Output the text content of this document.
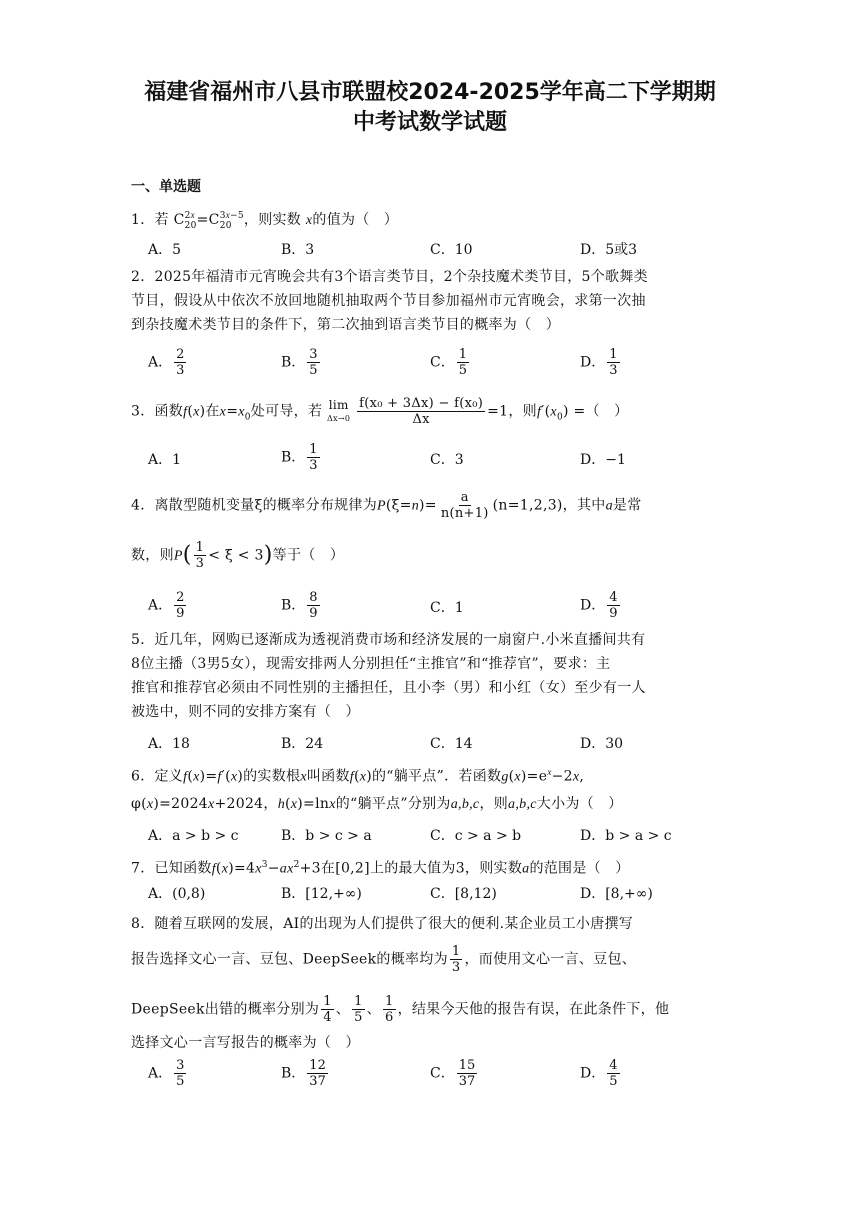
福建省福州市八县市联盟校2024-2025学年高二下学期期
中考试数学试题
一、单选题
1．若 C 2x
20 =C 3x−5
20 ，则实数 x的值为（　）
A．5	B．3	C．10	D．5或3
2．2025年福清市元宵晚会共有3个语言类节目，2个杂技魔术类节目，5个歌舞类
节目，假设从中依次不放回地随机抽取两个节目参加福州市元宵晚会，求第一次抽
到杂技魔术类节目的条件下，第二次抽到语言类节目的概率为（　）
A． $\frac{2}{3}$	B． $\frac{3}{5}$	C． $\frac{1}{5}$	D． $\frac{1}{3}$
3．函数f(x)在$x=x_0$处可导，若 lim
Δx→0
$\frac{\text{f(x₀ + 3Δx) − f(x₀)}}{\Delta x} =1$，则$f'(x_0)$ =（　）
A．1	B． $\frac{1}{3}$	C．3	D．−1
4．离散型随机变量ξ的概率分布规律为$P(\xi=n)= \frac{a}{n(n+1)} (n=1,2,3)$，其中a是常
数，则$P( \frac{1}{3} < \xi < 3)$等于（　）
A． $\frac{2}{9}$	B． $\frac{8}{9}$	C．1	D． $\frac{4}{9}$
5．近几年，网购已逐渐成为透视消费市场和经济发展的一扇窗户.小米直播间共有
8位主播（3男5女），现需安排两人分别担任“主推官”和“推荐官”，要求：主
推官和推荐官必须由不同性别的主播担任，且小李（男）和小红（女）至少有一人
被选中，则不同的安排方案有（　）
A．18	B．24	C．14	D．30
6．定义f(x)=f′(x)的实数根x叫函数f(x)的“躺平点”．若函数$g(x)=e^x-2x$,
φ(x)=2024x+2024，h(x)=lnx的“躺平点”分别为a,b,c，则a,b,c大小为（　）
A．a > b > c	B．b > c > a	C．c > a > b	D．b > a > c
7．已知函数$f(x)=4x^3-ax^2+3$在[0,2]上的最大值为3，则实数a的范围是（　）
A．(0,8)	B．[12,+∞)	C．[8,12)	D．[8,+∞)
8．随着互联网的发展，AI的出现为人们提供了很大的便利.某企业员工小唐撰写
报告选择文心一言、豆包、DeepSeek的概率均为 $\frac{1}{3}$ ，而使用文心一言、豆包、
DeepSeek出错的概率分别为 $\frac{1}{4}$ 、 $\frac{1}{5}$ 、 $\frac{1}{6}$ ，结果今天他的报告有误，在此条件下，他
选择文心一言写报告的概率为（　）
A． $\frac{3}{5}$	B． $\frac{12}{37}$	C． $\frac{15}{37}$	D． $\frac{4}{5}$
